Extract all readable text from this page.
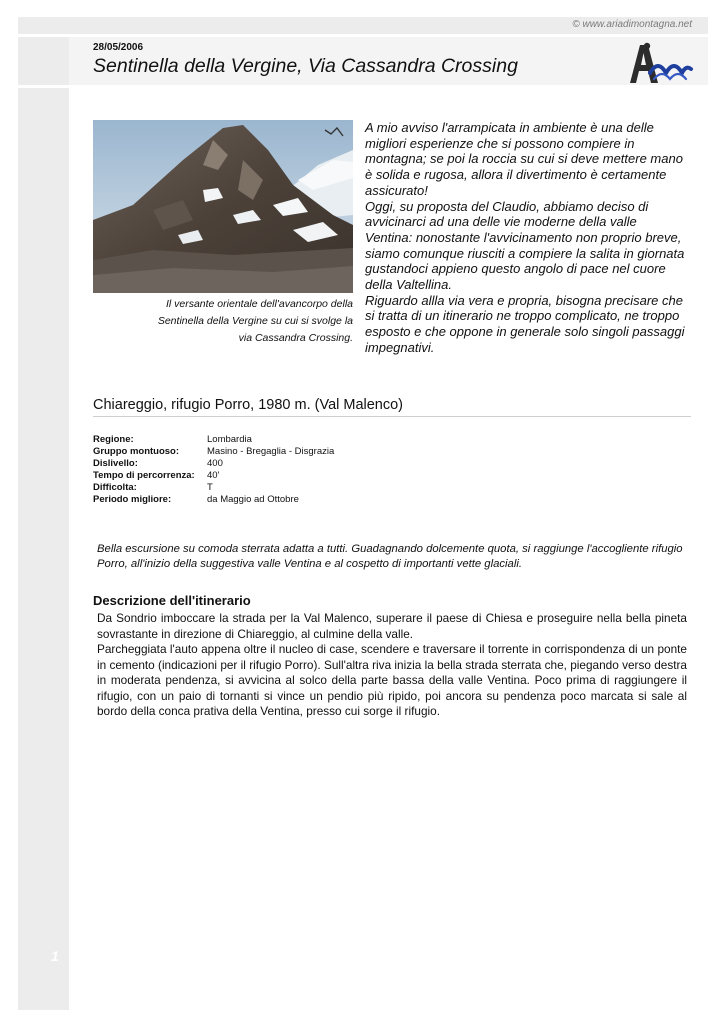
© www.ariadimontagna.net
1
28/05/2006
Sentinella della Vergine, Via Cassandra Crossing
Il versante orientale dell'avancorpo della Sentinella della Vergine su cui si svolge la via Cassandra Crossing.

A mio avviso l'arrampicata in ambiente è una delle migliori esperienze che si possono compiere in montagna; se poi la roccia su cui si deve mettere mano è solida e rugosa, allora il divertimento è certamente assicurato!

Oggi, su proposta del Claudio, abbiamo deciso di avvicinarci ad una delle vie moderne della valle Ventina: nonostante l'avvicinamento non proprio breve, siamo comunque riusciti a compiere la salita in giornata gustandoci appieno questo angolo di pace nel cuore della Valtellina.

Riguardo allla via vera e propria, bisogna precisare che si tratta di un itinerario ne troppo complicato, ne troppo esposto e che oppone in generale solo singoli passaggi impegnativi.

Chiareggio, rifugio Porro, 1980 m. (Val Malenco)
Regione:	Lombardia
Gruppo montuoso:	Masino - Bregaglia - Disgrazia
Dislivello:	400
Tempo di percorrenza:	40'
Difficolta:	T
Periodo migliore:	da Maggio ad Ottobre
Bella escursione su comoda sterrata adatta a tutti. Guadagnando dolcemente quota, si raggiunge l'accogliente rifugio Porro, all'inizio della suggestiva valle Ventina e al cospetto di importanti vette glaciali.
Descrizione dell'itinerario

Da Sondrio imboccare la strada per la Val Malenco, superare il paese di Chiesa e proseguire nella bella pineta sovrastante in direzione di Chiareggio, al culmine della valle.

Parcheggiata l'auto appena oltre il nucleo di case, scendere e traversare il torrente in corrispondenza di un ponte in cemento (indicazioni per il rifugio Porro). Sull'altra riva inizia la bella strada sterrata che, piegando verso destra in moderata pendenza, si avvicina al solco della parte bassa della valle Ventina. Poco prima di raggiungere il rifugio, con un paio di tornanti si vince un pendio più ripido, poi ancora su pendenza poco marcata si sale al bordo della conca prativa della Ventina, presso cui sorge il rifugio.
